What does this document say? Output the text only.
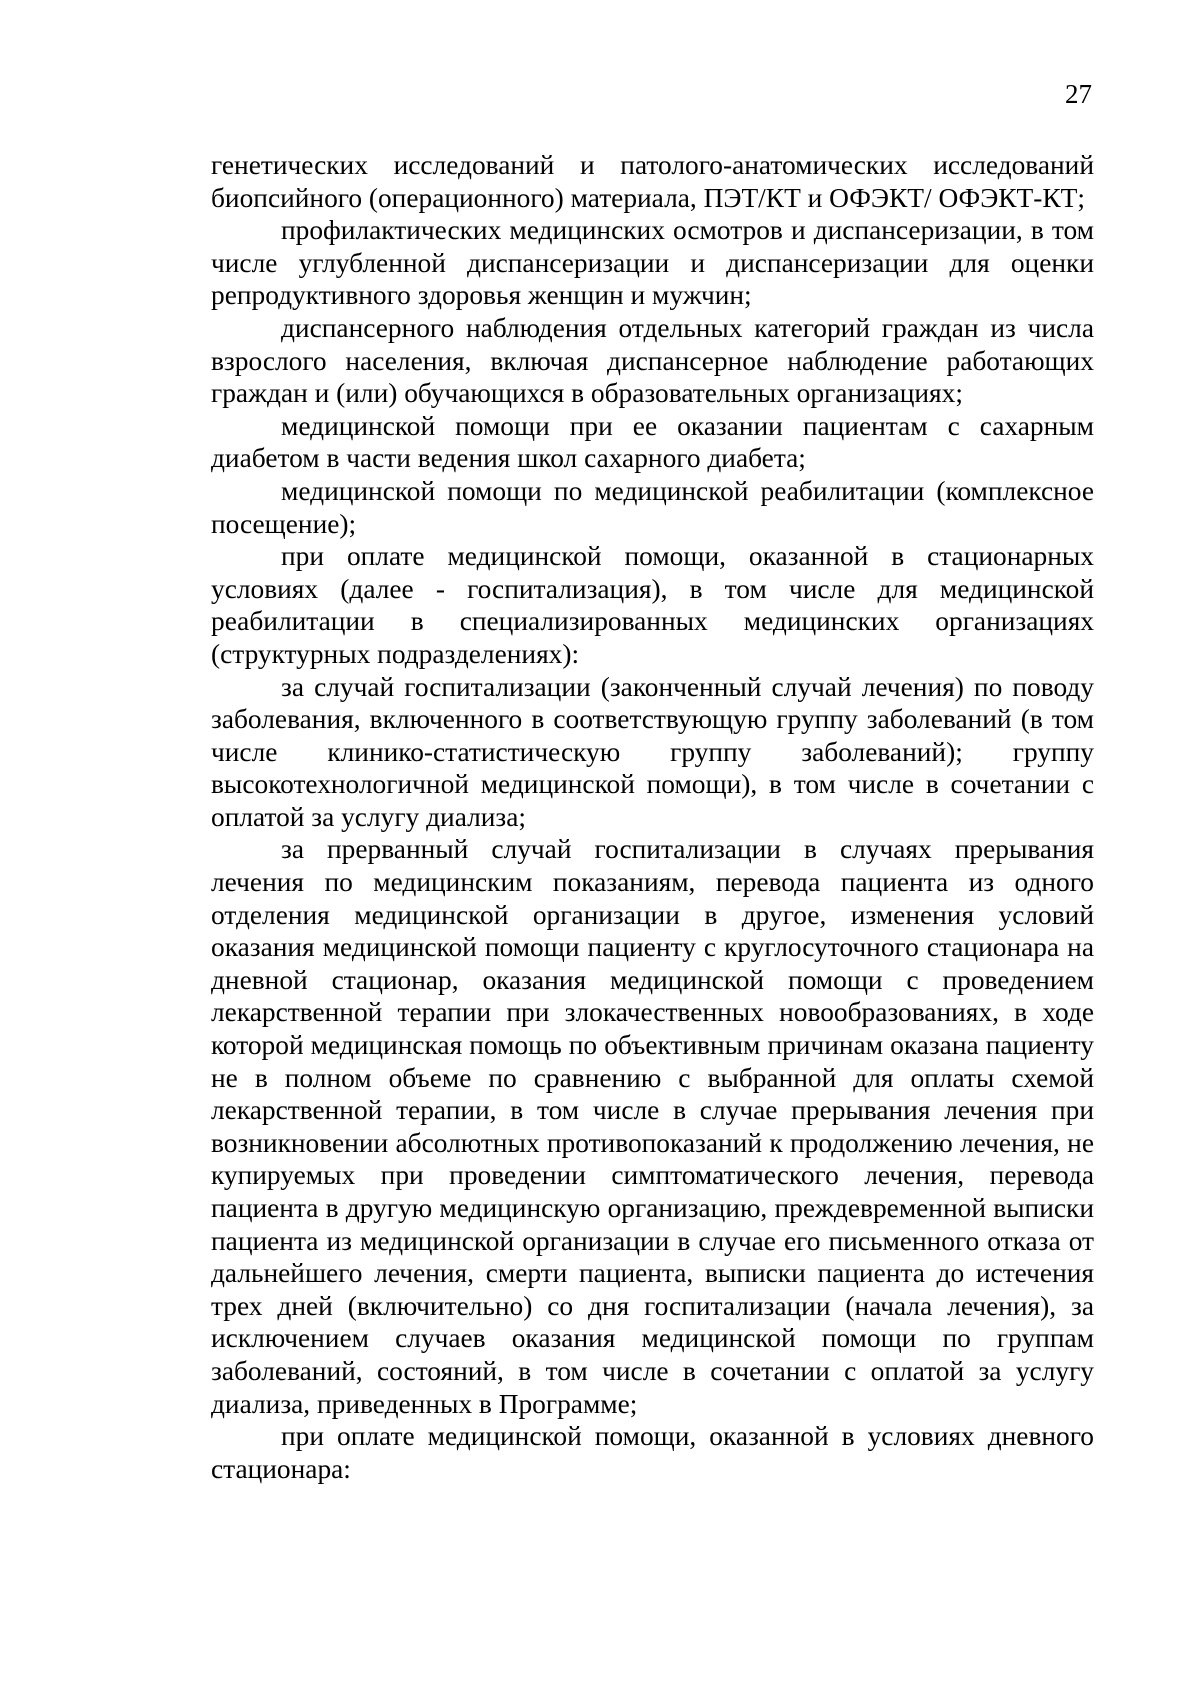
27

генетических исследований и патолого-анатомических исследований биопсийного (операционного) материала, ПЭТ/КТ и ОФЭКТ/ ОФЭКТ-КТ;

профилактических медицинских осмотров и диспансеризации, в том числе углубленной диспансеризации и диспансеризации для оценки репродуктивного здоровья женщин и мужчин;

диспансерного наблюдения отдельных категорий граждан из числа взрослого населения, включая диспансерное наблюдение работающих граждан и (или) обучающихся в образовательных организациях;

медицинской помощи при ее оказании пациентам с сахарным диабетом в части ведения школ сахарного диабета;

медицинской помощи по медицинской реабилитации (комплексное посещение);

при оплате медицинской помощи, оказанной в стационарных условиях (далее - госпитализация), в том числе для медицинской реабилитации в специализированных медицинских организациях (структурных подразделениях):

за случай госпитализации (законченный случай лечения) по поводу заболевания, включенного в соответствующую группу заболеваний (в том числе клинико-статистическую группу заболеваний); группу высокотехнологичной медицинской помощи), в том числе в сочетании с оплатой за услугу диализа;

за прерванный случай госпитализации в случаях прерывания лечения по медицинским показаниям, перевода пациента из одного отделения медицинской организации в другое, изменения условий оказания медицинской помощи пациенту с круглосуточного стационара на дневной стационар, оказания медицинской помощи с проведением лекарственной терапии при злокачественных новообразованиях, в ходе которой медицинская помощь по объективным причинам оказана пациенту не в полном объеме по сравнению с выбранной для оплаты схемой лекарственной терапии, в том числе в случае прерывания лечения при возникновении абсолютных противопоказаний к продолжению лечения, не купируемых при проведении симптоматического лечения, перевода пациента в другую медицинскую организацию, преждевременной выписки пациента из медицинской организации в случае его письменного отказа от дальнейшего лечения, смерти пациента, выписки пациента до истечения трех дней (включительно) со дня госпитализации (начала лечения), за исключением случаев оказания медицинской помощи по группам заболеваний, состояний, в том числе в сочетании с оплатой за услугу диализа, приведенных в Программе;

при оплате медицинской помощи, оказанной в условиях дневного стационара:
